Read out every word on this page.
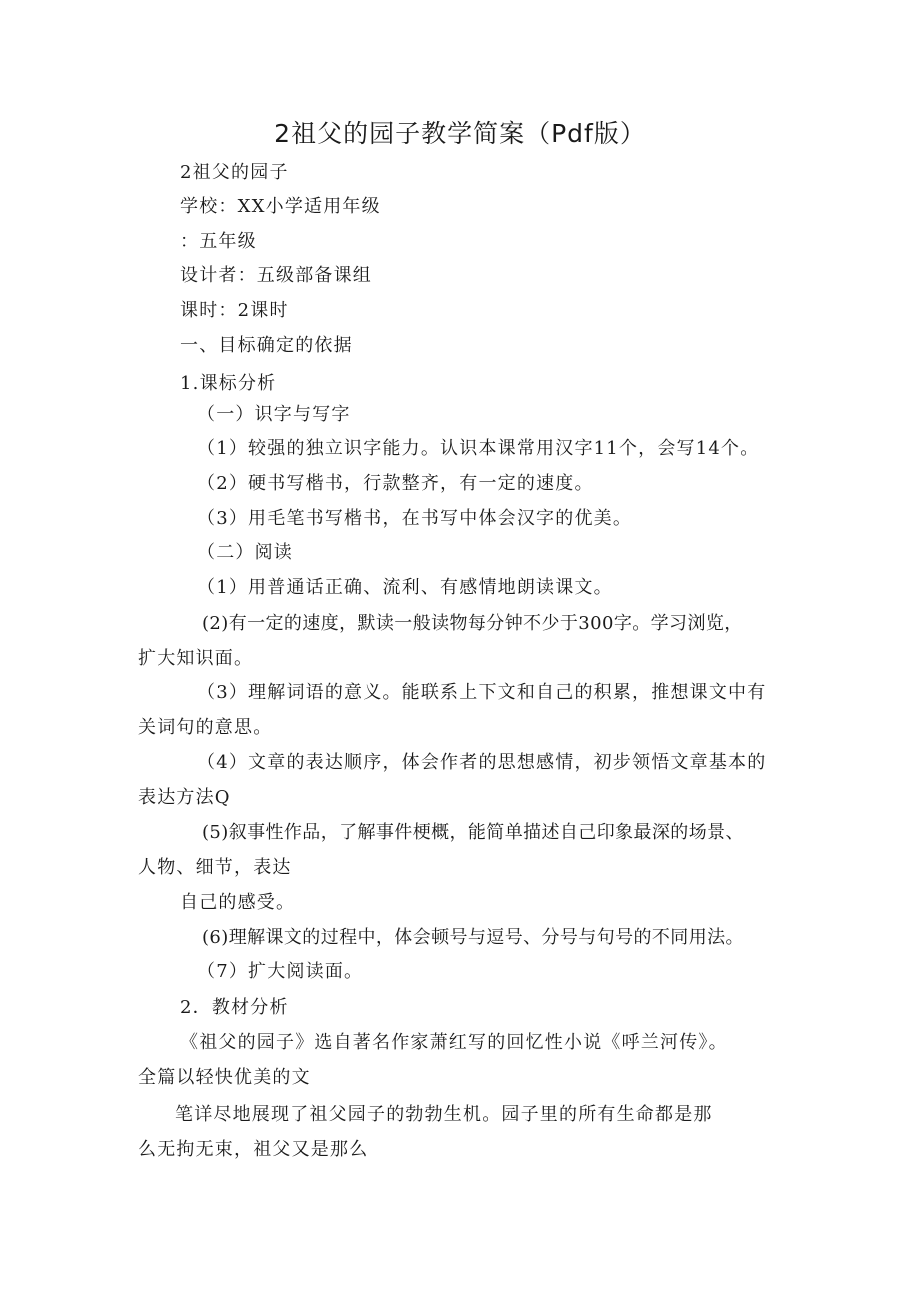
2祖父的园子教学简案（Pdf版）
2祖父的园子
学校：XX小学适用年级
：五年级
设计者：五级部备课组
课时：2课时
一、目标确定的依据
1.课标分析
（一）识字与写字
（1）较强的独立识字能力。认识本课常用汉字11个，会写14个。
（2）硬书写楷书，行款整齐，有一定的速度。
（3）用毛笔书写楷书，在书写中体会汉字的优美。
（二）阅读
（1）用普通话正确、流利、有感情地朗读课文。
(2)有一定的速度，默读一般读物每分钟不少于300字。学习浏览，
扩大知识面。
（3）理解词语的意义。能联系上下文和自己的积累，推想课文中有
关词句的意思。
（4）文章的表达顺序，体会作者的思想感情，初步领悟文章基本的
表达方法Q
(5)叙事性作品，了解事件梗概，能简单描述自己印象最深的场景、
人物、细节，表达
自己的感受。
(6)理解课文的过程中，体会顿号与逗号、分号与句号的不同用法。
（7）扩大阅读面。
2．教材分析
《祖父的园子》选自著名作家萧红写的回忆性小说《呼兰河传》。
全篇以轻快优美的文
笔详尽地展现了祖父园子的勃勃生机。园子里的所有生命都是那
么无拘无束，祖父又是那么
